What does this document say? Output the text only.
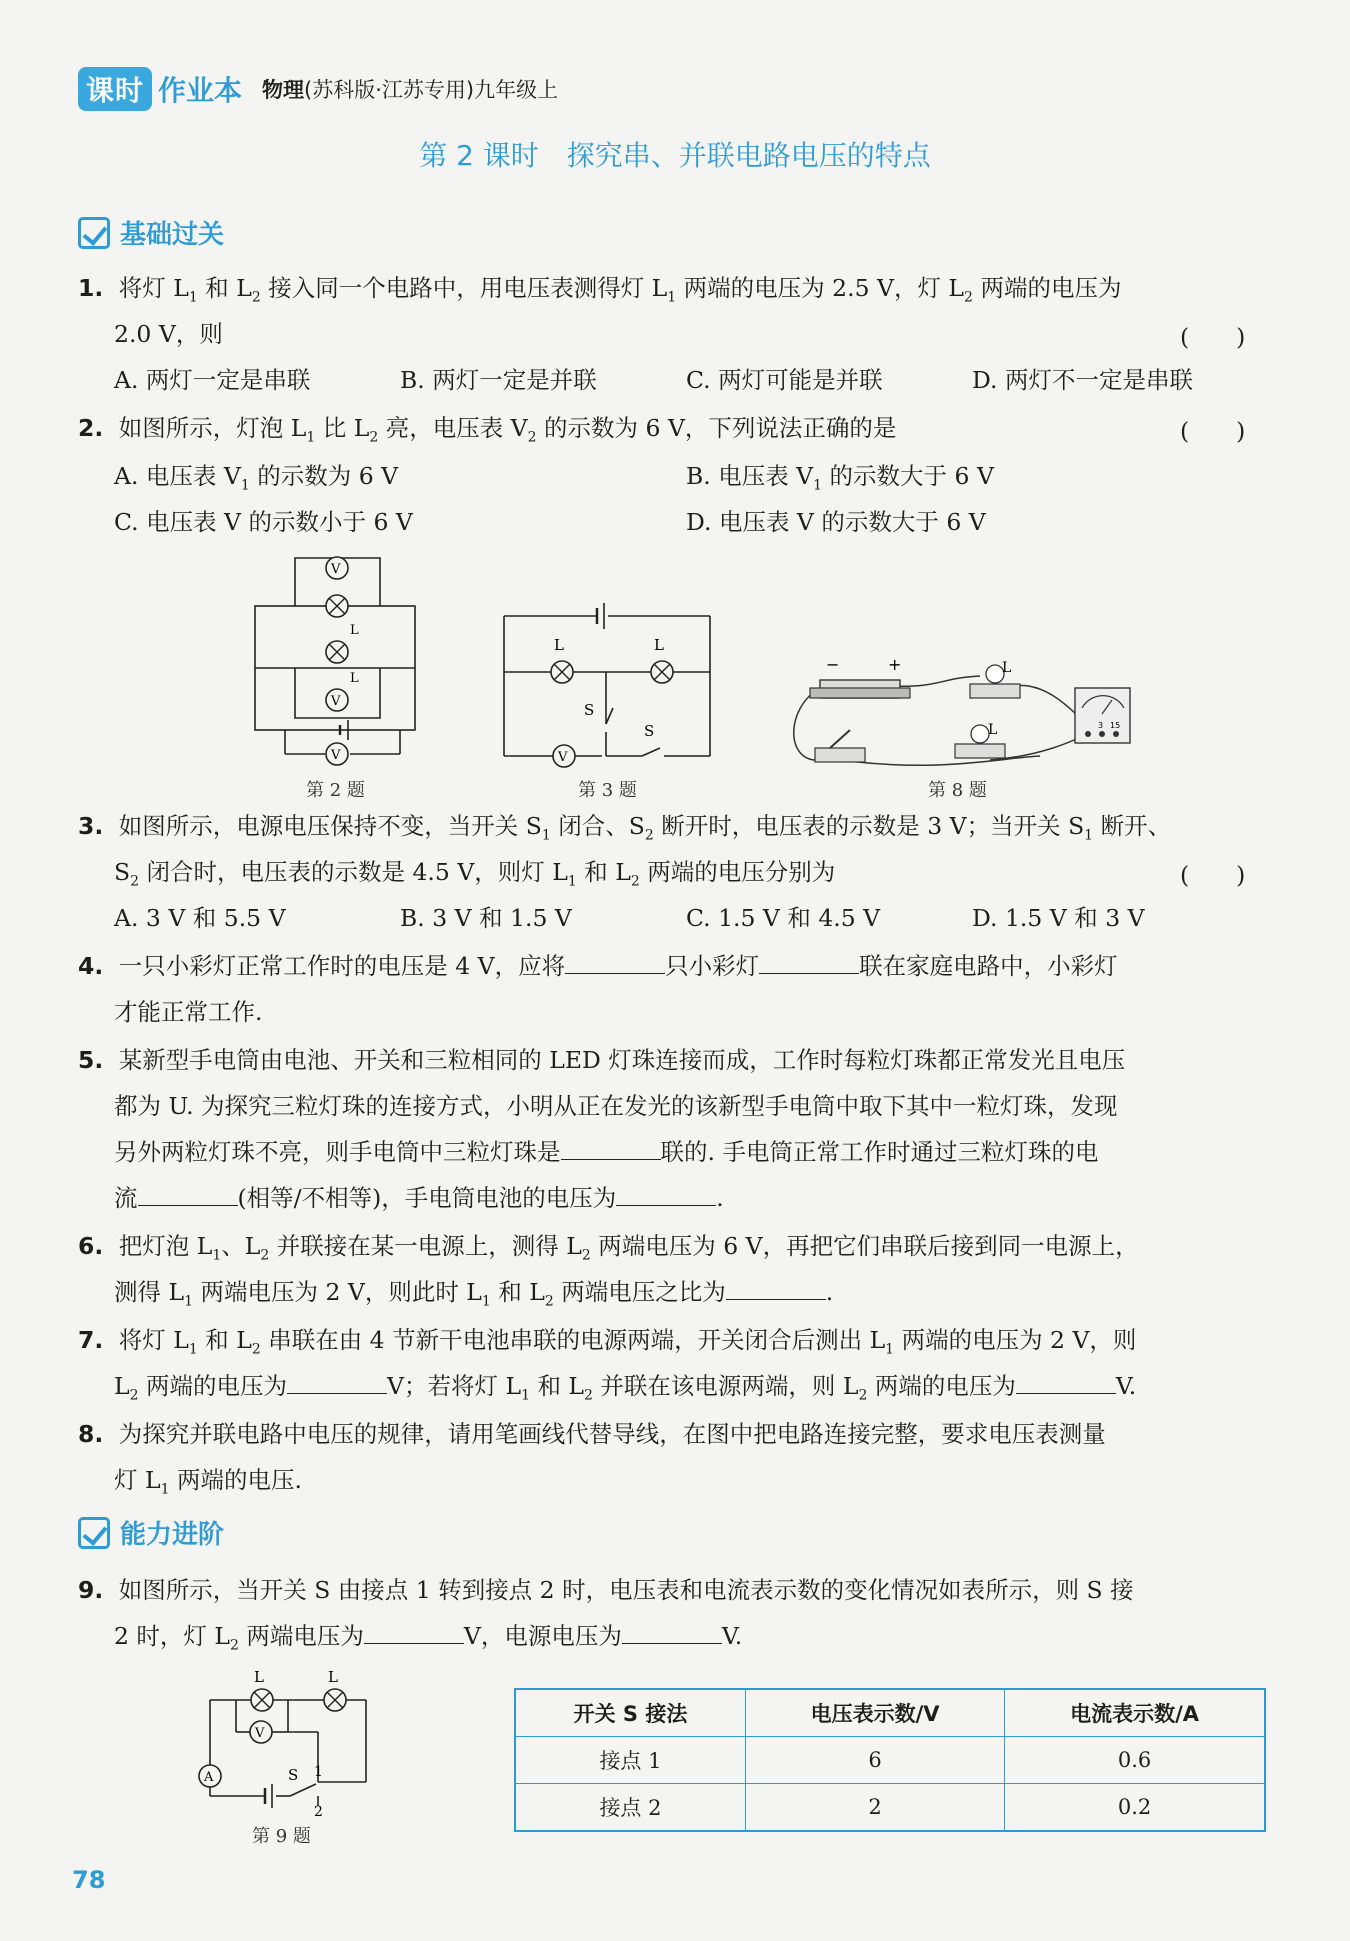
课时 作业本 物理(苏科版·江苏专用)九年级上
第 2 课时　探究串、并联电路电压的特点
基础过关
1. 将灯 $L_1$ 和 $L_2$ 接入同一个电路中，用电压表测得灯 $L_1$ 两端的电压为 2.5 V，灯 $L_2$ 两端的电压为
2.0 V，则	(　　)
A. 两灯一定是串联	B. 两灯一定是并联	C. 两灯可能是并联	D. 两灯不一定是串联
2. 如图所示，灯泡 $L_1$ 比 $L_2$ 亮，电压表 $V_2$ 的示数为 6 V，下列说法正确的是	(　　)
A. 电压表 $V_1$ 的示数为 6 V	B. 电压表 $V_1$ 的示数大于 6 V
C. 电压表 V 的示数小于 6 V	D. 电压表 V 的示数大于 6 V
V
V
V
L
L
第 2 题
L	L
V
S
S
第 3 题
−	+	L
L	3 15
第 8 题
3. 如图所示，电源电压保持不变，当开关 $S_1$ 闭合、$S_2$ 断开时，电压表的示数是 3 V；当开关 $S_1$ 断开、
$S_2$ 闭合时，电压表的示数是 4.5 V，则灯 $L_1$ 和 $L_2$ 两端的电压分别为	(　　)
A. 3 V 和 5.5 V	B. 3 V 和 1.5 V	C. 1.5 V 和 4.5 V	D. 1.5 V 和 3 V
4. 一只小彩灯正常工作时的电压是 4 V，应将	只小彩灯	联在家庭电路中，小彩灯
才能正常工作.
5. 某新型手电筒由电池、开关和三粒相同的 LED 灯珠连接而成，工作时每粒灯珠都正常发光且电压
都为 U. 为探究三粒灯珠的连接方式，小明从正在发光的该新型手电筒中取下其中一粒灯珠，发现
另外两粒灯珠不亮，则手电筒中三粒灯珠是	联的. 手电筒正常工作时通过三粒灯珠的电
流	(相等/不相等)，手电筒电池的电压为	.
6. 把灯泡 $L_1$、$L_2$ 并联接在某一电源上，测得 $L_2$ 两端电压为 6 V，再把它们串联后接到同一电源上，
测得 $L_1$ 两端电压为 2 V，则此时 $L_1$ 和 $L_2$ 两端电压之比为	.
7. 将灯 $L_1$ 和 $L_2$ 串联在由 4 节新干电池串联的电源两端，开关闭合后测出 $L_1$ 两端的电压为 2 V，则
$L_2$ 两端的电压为	V；若将灯 $L_1$ 和 $L_2$ 并联在该电源两端，则 $L_2$ 两端的电压为	V.
8. 为探究并联电路中电压的规律，请用笔画线代替导线，在图中把电路连接完整，要求电压表测量
灯 $L_1$ 两端的电压.
能力进阶
9. 如图所示，当开关 S 由接点 1 转到接点 2 时，电压表和电流表示数的变化情况如表所示，则 S 接
2 时，灯 $L_2$ 两端电压为	V，电源电压为	V.
L	L
V
A	S 1
2
第 9 题
开关 S 接法	电压表示数/V	电流表示数/A
接点 1	6	0.6
接点 2	2	0.2
78
